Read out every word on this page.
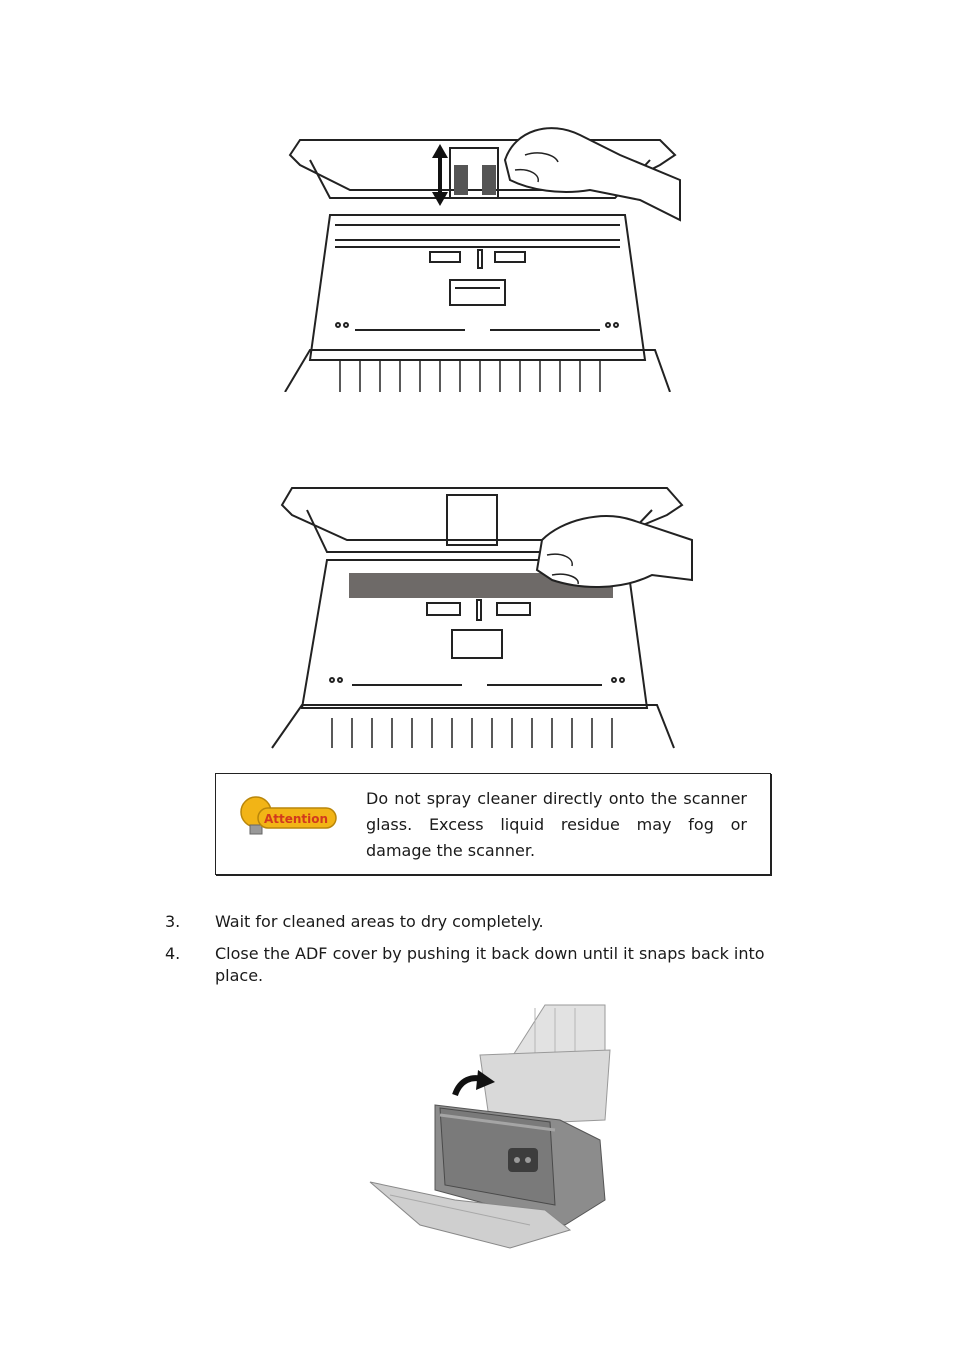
Attention
Do not spray cleaner directly onto the scanner glass. Excess liquid residue may fog or damage the scanner.
3. Wait for cleaned areas to dry completely.
4. Close the ADF cover by pushing it back down until it snaps back into place.
